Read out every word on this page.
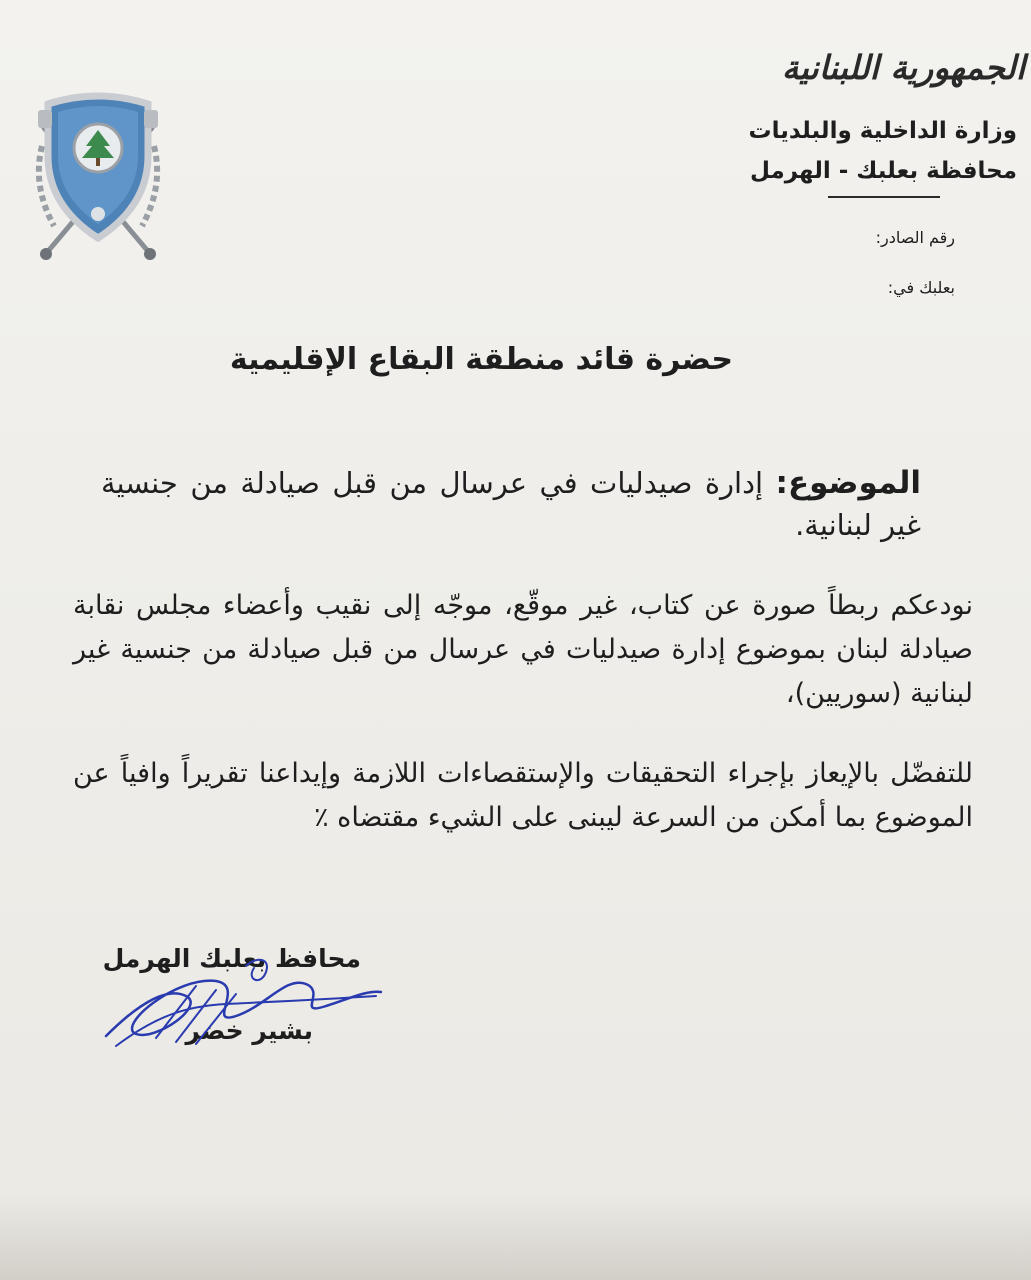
الجمهورية اللبنانية
وزارة الداخلية والبلديات
محافظة بعلبك - الهرمل
رقم الصادر:
بعلبك في:
حضرة قائد منطقة البقاع الإقليمية
الموضوع: إدارة صيدليات في عرسال من قبل صيادلة من جنسية غير لبنانية.
نودعكم ربطاً صورة عن كتاب، غير موقّع، موجّه إلى نقيب وأعضاء مجلس نقابة صيادلة لبنان بموضوع إدارة صيدليات في عرسال من قبل صيادلة من جنسية غير لبنانية (سوريين)،
للتفضّل بالإيعاز بإجراء التحقيقات والإستقصاءات اللازمة وإيداعنا تقريراً وافياً عن الموضوع بما أمكن من السرعة ليبنى على الشيء مقتضاه ٪
محافظ بعلبك الهرمل
بشير خضر
